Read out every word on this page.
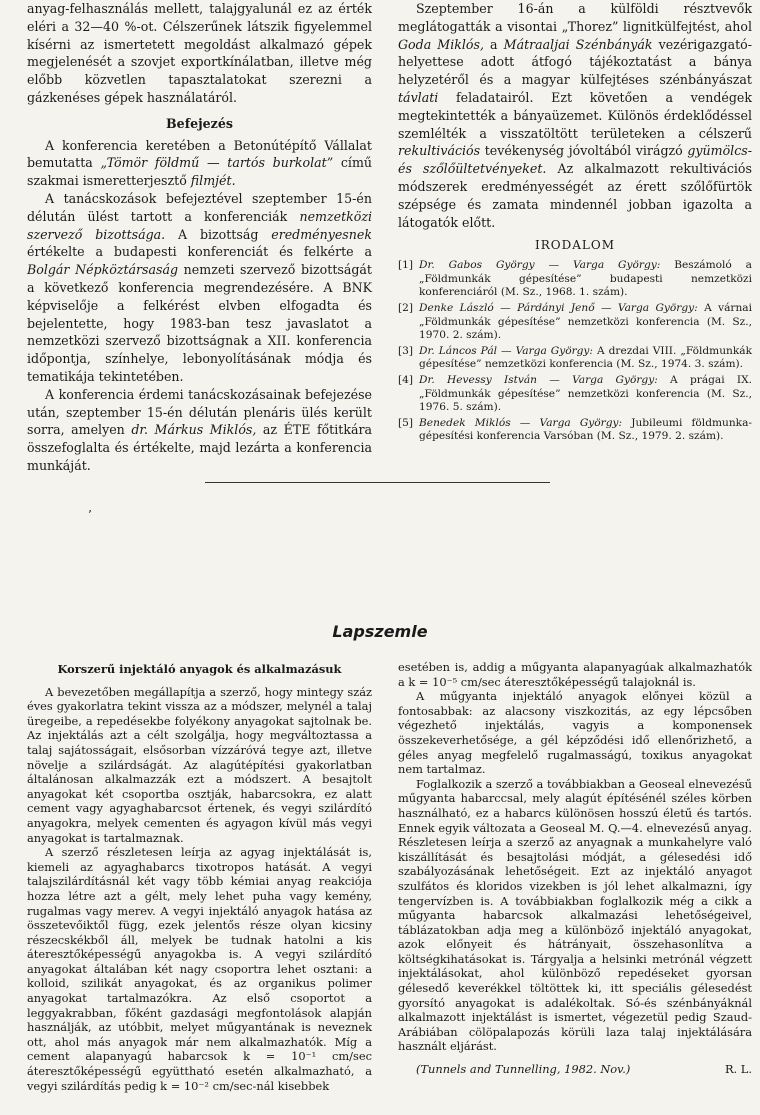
anyag-felhasználás mellett, talajgyalunál ez az érték eléri a 32—40 %-ot. Célszerűnek látszik figyelemmel kísérni az ismertetett megoldást alkalmazó gépek megjelenését a szovjet exportkínálatban, illetve még előbb közvetlen tapasztalatokat szerezni a gázkenéses gépek használatáról.

Befejezés

A konferencia keretében a Betonútépítő Vállalat bemutatta „Tömör földmű — tartós burkolat” című szakmai ismeretterjesztő filmjét.

A tanácskozások befejeztével szeptember 15-én délután ülést tartott a konferenciák nemzetközi szervező bizottsága. A bizottság eredményesnek értékelte a budapesti konferenciát és felkérte a Bolgár Népköztársaság nemzeti szervező bizottságát a következő konferencia megrendezésére. A BNK képviselője a felkérést elvben elfogadta és bejelentette, hogy 1983-ban tesz javaslatot a nemzetközi szervező bizottságnak a XII. konferencia időpontja, színhelye, lebonyolításának módja és tematikája tekintetében.

A konferencia érdemi tanácskozásainak befejezése után, szeptember 15-én délután plenáris ülés került sorra, amelyen dr. Márkus Miklós, az ÉTE főtitkára összefoglalta és értékelte, majd lezárta a konferencia munkáját.

Szeptember 16-án a külföldi résztvevők meglátogatták a visontai „Thorez” lignitkülfejtést, ahol Goda Miklós, a Mátraaljai Szénbányák vezérigazgató-helyettese adott átfogó tájékoztatást a bánya helyzetéről és a magyar külfejtéses szénbányászat távlati feladatairól. Ezt követően a vendégek megtekintették a bányaüzemet. Különös érdeklődéssel szemlélték a visszatöltött területeken a célszerű rekultivációs tevékenység jóvoltából virágzó gyümölcs- és szőlőültetvényeket. Az alkalmazott rekultivációs módszerek eredményességét az érett szőlőfürtök szépsége és zamata mindennél jobban igazolta a látogatók előtt.

IRODALOM

[1] Dr. Gabos György — Varga György: Beszámoló a „Földmunkák gépesítése” budapesti nemzetközi konferenciáról (M. Sz., 1968. 1. szám).
[2] Denke László — Párdányi Jenő — Varga György: A várnai „Földmunkák gépesítése” nemzetközi konferencia (M. Sz., 1970. 2. szám).
[3] Dr. Láncos Pál — Varga György: A drezdai VIII. „Földmunkák gépesítése” nemzetközi konferencia (M. Sz., 1974. 3. szám).
[4] Dr. Hevessy István — Varga György: A prágai IX. „Földmunkák gépesítése” nemzetközi konferencia (M. Sz., 1976. 5. szám).
[5] Benedek Miklós — Varga György: Jubileumi földmunka-gépesítési konferencia Varsóban (M. Sz., 1979. 2. szám).
’
Lapszemle

Korszerű injektáló anyagok és alkalmazásuk

A bevezetőben megállapítja a szerző, hogy mintegy száz éves gyakorlatra tekint vissza az a módszer, melynél a talaj üregeibe, a repedésekbe folyékony anyagokat sajtolnak be. Az injektálás azt a célt szolgálja, hogy megváltoztassa a talaj sajátosságait, elsősorban vízzáróvá tegye azt, illetve növelje a szilárdságát. Az alagútépítési gyakorlatban általánosan alkalmazzák ezt a módszert. A besajtolt anyagokat két csoportba osztják, habarcsokra, ez alatt cement vagy agyaghabarcsot értenek, és vegyi szilárdító anyagokra, melyek cementen és agyagon kívül más vegyi anyagokat is tartalmaznak.

A szerző részletesen leírja az agyag injektálását is, kiemeli az agyaghabarcs tixotropos hatását. A vegyi talajszilárdításnál két vagy több kémiai anyag reakciója hozza létre azt a gélt, mely lehet puha vagy kemény, rugalmas vagy merev. A vegyi injektáló anyagok hatása az összetevőiktől függ, ezek jelentős része olyan kicsiny részecskékből áll, melyek be tudnak hatolni a kis áteresztőképességű anyagokba is. A vegyi szilárdító anyagokat általában két nagy csoportra lehet osztani: a kolloid, szilikát anyagokat, és az organikus polimer anyagokat tartalmazókra. Az első csoportot a leggyakrabban, főként gazdasági megfontolások alapján használják, az utóbbit, melyet műgyantának is neveznek ott, ahol más anyagok már nem alkalmazhatók. Míg a cement alapanyagú habarcsok k = 10⁻¹ cm/sec áteresztőképességű együttható esetén alkalmazható, a vegyi szilárdítás pedig k = 10⁻² cm/sec-nál kisebbek

esetében is, addig a műgyanta alapanyagúak alkalmazhatók a k = 10⁻⁵ cm/sec áteresztőképességű talajoknál is.

A műgyanta injektáló anyagok előnyei közül a fontosabbak: az alacsony viszkozitás, az egy lépcsőben végezhető injektálás, vagyis a komponensek összekeverhetősége, a gél képződési idő ellenőrizhető, a géles anyag megfelelő rugalmasságú, toxikus anyagokat nem tartalmaz.

Foglalkozik a szerző a továbbiakban a Geoseal elnevezésű műgyanta habarccsal, mely alagút építésénél széles körben használható, ez a habarcs különösen hosszú életű és tartós. Ennek egyik változata a Geoseal M. Q.—4. elnevezésű anyag. Részletesen leírja a szerző az anyagnak a munkahelyre való kiszállítását és besajtolási módját, a gélesedési idő szabályozásának lehetőségeit. Ezt az injektáló anyagot szulfátos és kloridos vizekben is jól lehet alkalmazni, így tengervízben is. A továbbiakban foglalkozik még a cikk a műgyanta habarcsok alkalmazási lehetőségeivel, táblázatokban adja meg a különböző injektáló anyagokat, azok előnyeit és hátrányait, összehasonlítva a költségkihatásokat is. Tárgyalja a helsinki metrónál végzett injektálásokat, ahol különböző repedéseket gyorsan gélesedő keverékkel töltöttek ki, itt speciális gélesedést gyorsító anyagokat is adalékoltak. Só-és szénbányáknál alkalmazott injektálást is ismertet, végezetül pedig Szaud-Arábiában cölöpalapozás körüli laza talaj injektálására használt eljárást.

(Tunnels and Tunnelling, 1982. Nov.)	R. L.
